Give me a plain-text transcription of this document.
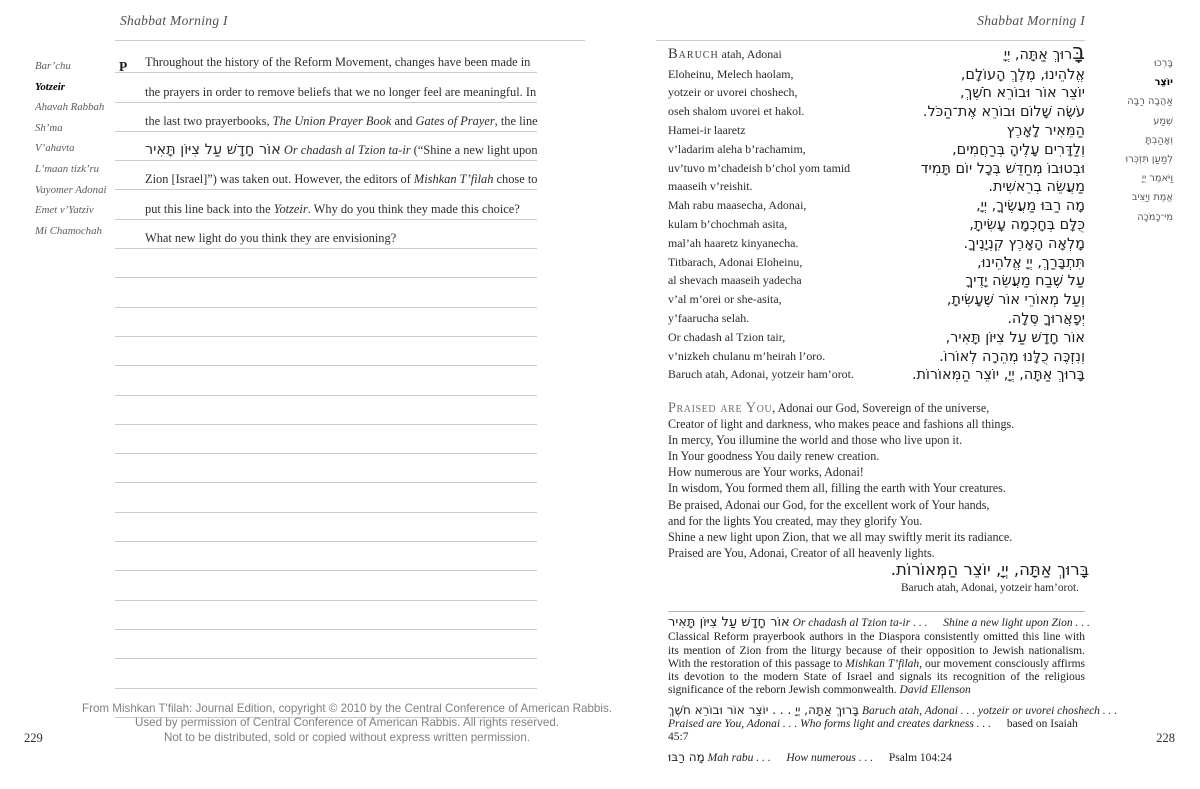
Shabbat Morning I
Bar’chu
Yotzeir
Ahavah Rabbah
Sh’ma
V’ahavta
L’maan tizk’ru
Vayomer Adonai
Emet v’Yatziv
Mi Chamochah
P Throughout the history of the Reform Movement, changes have been made in
the prayers in order to remove beliefs that we no longer feel are meaningful. In
the last two prayerbooks, The Union Prayer Book and Gates of Prayer, the line
אוֹר חָדָשׁ עַל צִיּוֹן תָּאִיר Or chadash al Tzion ta-ir (“Shine a new light upon
Zion [Israel]”) was taken out. However, the editors of Mishkan T’filah chose to
put this line back into the Yotzeir. Why do you think they made this choice?
What new light do you think they are envisioning?
From Mishkan T'filah: Journal Edition, copyright © 2010 by the Central Conference of American Rabbis.
Used by permission of Central Conference of American Rabbis. All rights reserved.
Not to be distributed, sold or copied without express written permission.
229
Shabbat Morning I
Baruch atah, Adonai	בָּרוּךְ אַתָּה, יְיָ
Eloheinu, Melech haolam,	אֱלֹהֵינוּ, מֶלֶךְ הָעוֹלָם,
yotzeir or uvorei choshech,	יוֹצֵר אוֹר וּבוֹרֵא חֹשֶׁךְ,
oseh shalom uvorei et hakol.	עֹשֶׂה שָׁלוֹם וּבוֹרֵא אֶת־הַכֹּל.
Hamei-ir laaretz	הַמֵּאִיר לָאָרֶץ
v’ladarim aleha b’rachamim,	וְלַדָּרִים עָלֶיהָ בְּרַחֲמִים,
uv’tuvo m’chadeish b’chol yom tamid	וּבְטוּבוֹ מְחַדֵּשׁ בְּכָל יוֹם תָּמִיד
maaseih v’reishit.	מַעֲשֵׂה בְרֵאשִׁית.
Mah rabu maasecha, Adonai,	מָה רַבּוּ מַעֲשֶׂיךָ, יְיָ,
kulam b’chochmah asita,	כֻּלָּם בְּחָכְמָה עָשִׂיתָ,
mal’ah haaretz kinyanecha.	מָלְאָה הָאָרֶץ קִנְיָנֶיךָ.
Titbarach, Adonai Eloheinu,	תִּתְבָּרַךְ, יְיָ אֱלֹהֵינוּ,
al shevach maaseih yadecha	עַל שֶׁבַח מַעֲשֵׂה יָדֶיךָ
v’al m’orei or she-asita,	וְעַל מְאוֹרֵי אוֹר שֶׁעָשִׂיתָ,
y’faarucha selah.	יְפָאֲרוּךָ סֶּלָה.
Or chadash al Tzion tair,	אוֹר חָדָשׁ עַל צִיּוֹן תָּאִיר,
v’nizkeh chulanu m’heirah l’oro.	וְנִזְכֶּה כֻלָּנוּ מְהֵרָה לְאוֹרוֹ.
Baruch atah, Adonai, yotzeir ham’orot.	בָּרוּךְ אַתָּה, יְיָ, יוֹצֵר הַמְּאוֹרוֹת.
בָּרְכוּ
יוֹצֵר
אַהֲבָה רַבָּה
שְׁמַע
וְאָהַבְתָּ
לְמַעַן תִּזְכְּרוּ
וַיֹּאמֶר יְיָ
אֱמֶת וְיַצִּיב
מִי־כָמֹכָה
Praised are You, Adonai our God, Sovereign of the universe,
Creator of light and darkness, who makes peace and fashions all things.
In mercy, You illumine the world and those who live upon it.
In Your goodness You daily renew creation.
How numerous are Your works, Adonai!
In wisdom, You formed them all, filling the earth with Your creatures.
Be praised, Adonai our God, for the excellent work of Your hands,
and for the lights You created, may they glorify You.
Shine a new light upon Zion, that we all may swiftly merit its radiance.
Praised are You, Adonai, Creator of all heavenly lights.
בָּרוּךְ אַתָּה, יְיָ, יוֹצֵר הַמְּאוֹרוֹת.
Baruch atah, Adonai, yotzeir ham’orot.
אוֹר חָדָשׁ עַל צִיּוֹן תָּאִיר Or chadash al Tzion ta-ir . . . Shine a new light upon Zion . . .
Classical Reform prayerbook authors in the Diaspora consistently omitted this line with its mention of Zion from the liturgy because of their opposition to Jewish nationalism. With the restoration of this passage to Mishkan T’filah, our movement consciously affirms its devotion to the modern State of Israel and signals its recognition of the religious significance of the reborn Jewish commonwealth. David Ellenson
בָּרוּךְ אַתָּה, יְיָ . . . יוֹצֵר אוֹר וּבוֹרֵא חֹשֶׁךְ Baruch atah, Adonai . . . yotzeir or uvorei choshech . . .
Praised are You, Adonai . . . Who forms light and creates darkness . . . based on Isaiah 45:7
מָה רַבּוּ Mah rabu . . . How numerous . . . Psalm 104:24
228
